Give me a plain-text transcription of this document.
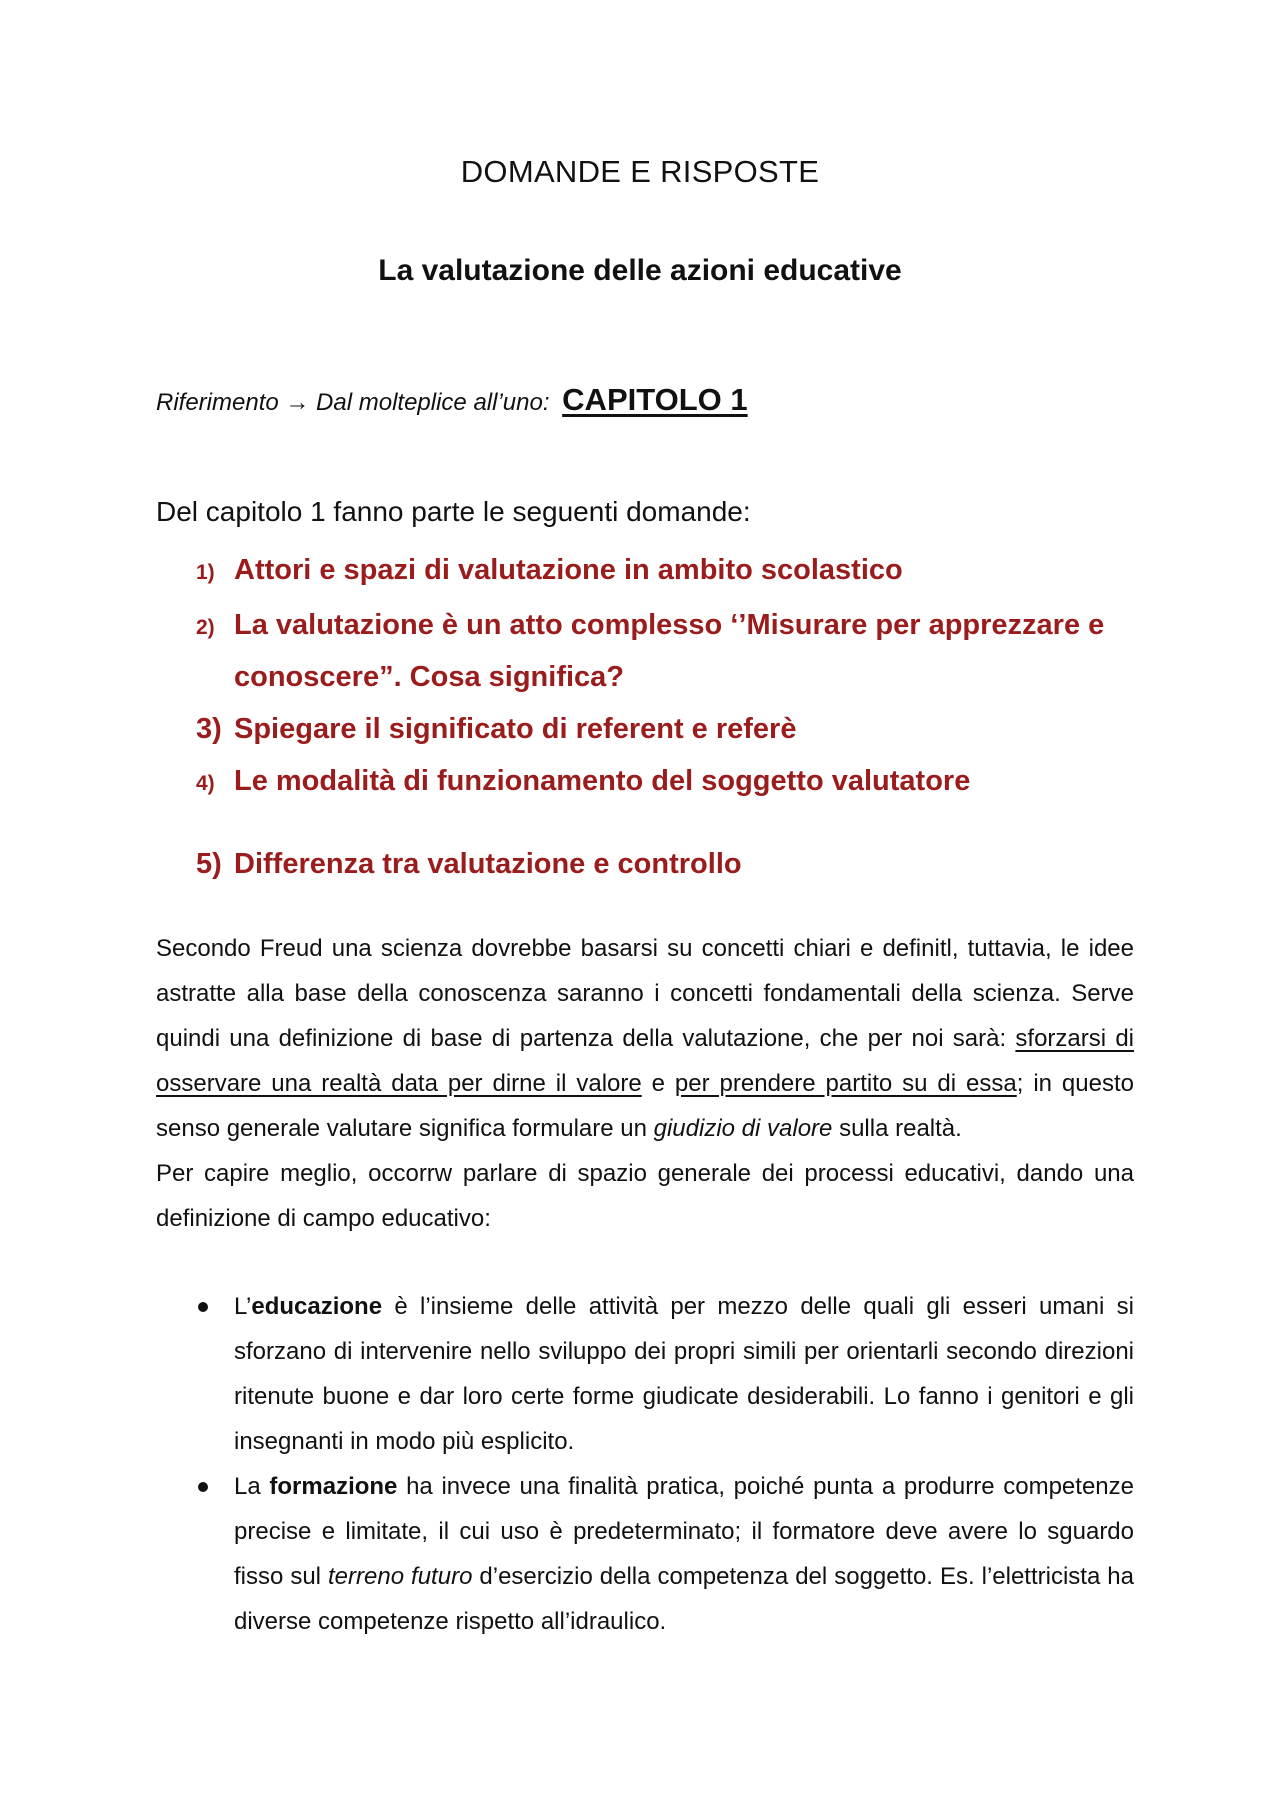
DOMANDE E RISPOSTE
La valutazione delle azioni educative
Riferimento → Dal molteplice all’uno: CAPITOLO 1
Del capitolo 1 fanno parte le seguenti domande:
1) Attori e spazi di valutazione in ambito scolastico
2) La valutazione è un atto complesso ‘’Misurare per apprezzare e conoscere”. Cosa significa?
3) Spiegare il significato di referent e referè
4) Le modalità di funzionamento del soggetto valutatore
5) Differenza tra valutazione e controllo

Secondo Freud una scienza dovrebbe basarsi su concetti chiari e definitl, tuttavia, le idee astratte alla base della conoscenza saranno i concetti fondamentali della scienza. Serve quindi una definizione di base di partenza della valutazione, che per noi sarà: sforzarsi di osservare una realtà data per dirne il valore e per prendere partito su di essa; in questo senso generale valutare significa formulare un giudizio di valore sulla realtà.
Per capire meglio, occorrw parlare di spazio generale dei processi educativi, dando una definizione di campo educativo:

L’educazione è l’insieme delle attività per mezzo delle quali gli esseri umani si sforzano di intervenire nello sviluppo dei propri simili per orientarli secondo direzioni ritenute buone e dar loro certe forme giudicate desiderabili. Lo fanno i genitori e gli insegnanti in modo più esplicito.
La formazione ha invece una finalità pratica, poiché punta a produrre competenze precise e limitate, il cui uso è predeterminato; il formatore deve avere lo sguardo fisso sul terreno futuro d’esercizio della competenza del soggetto. Es. l’elettricista ha diverse competenze rispetto all’idraulico.
